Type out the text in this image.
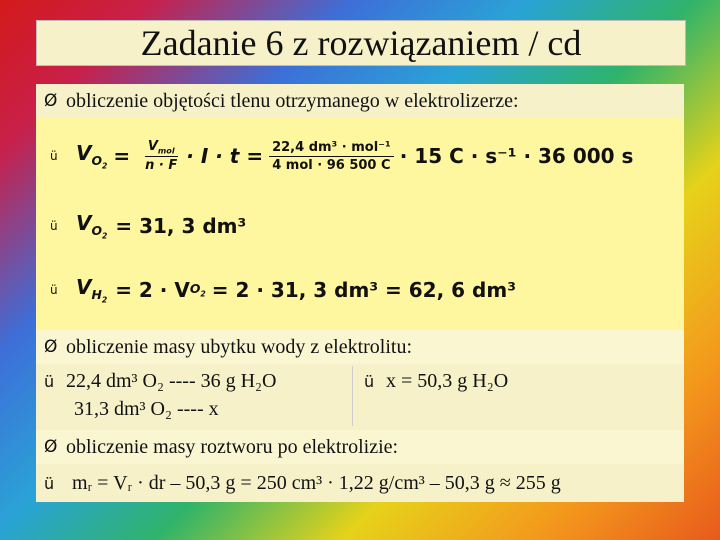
Zadanie 6 z rozwiązaniem / cd
Ø obliczenie objętości tlenu otrzymanego w elektrolizerze:
ü $V_{O_2} = \frac{V_{mol}}{n \cdot F} \cdot I \cdot t = \frac{\text{22,4 dm³ · mol⁻¹}}{\text{4 mol · 96 500 C}} \cdot 15$ C · s⁻¹ · 36 000 s
ü $V_{O_2} = 31$, 3 dm³
ü $V_{H_2} = 2 \cdot V$ $O_2 = 2 \cdot 31$, 3 dm³ = 62, 6 dm³
Ø obliczenie masy ubytku wody z elektrolitu:
ü 22,4 dm³ O₂ ---- 36 g H₂O
31,3 dm³ O₂ ---- x
ü x = 50,3 g H₂O
Ø obliczenie masy roztworu po elektrolizie:
ü mᵣ = Vᵣ · dr – 50,3 g = 250 cm³ · 1,22 g/cm³ – 50,3 g ≈ 255 g
